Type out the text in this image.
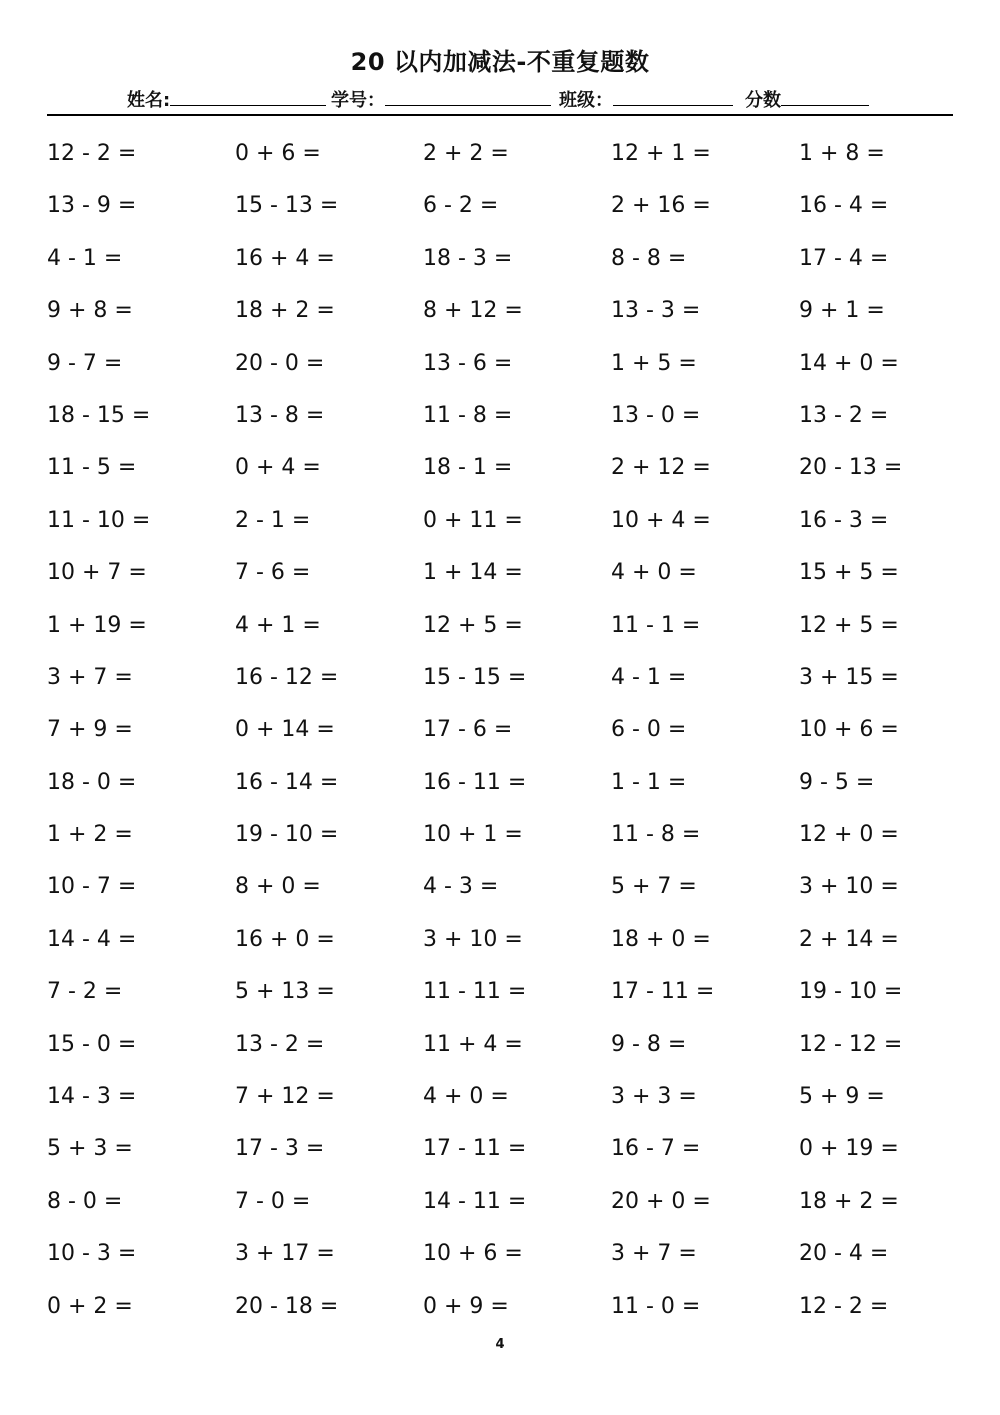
20 以内加减法-不重复题数
姓名:	学号：	班级：	分数
12 - 2 =	0 + 6 =	2 + 2 =	12 + 1 =	1 + 8 =
13 - 9 =	15 - 13 =	6 - 2 =	2 + 16 =	16 - 4 =
4 - 1 =	16 + 4 =	18 - 3 =	8 - 8 =	17 - 4 =
9 + 8 =	18 + 2 =	8 + 12 =	13 - 3 =	9 + 1 =
9 - 7 =	20 - 0 =	13 - 6 =	1 + 5 =	14 + 0 =
18 - 15 =	13 - 8 =	11 - 8 =	13 - 0 =	13 - 2 =
11 - 5 =	0 + 4 =	18 - 1 =	2 + 12 =	20 - 13 =
11 - 10 =	2 - 1 =	0 + 11 =	10 + 4 =	16 - 3 =
10 + 7 =	7 - 6 =	1 + 14 =	4 + 0 =	15 + 5 =
1 + 19 =	4 + 1 =	12 + 5 =	11 - 1 =	12 + 5 =
3 + 7 =	16 - 12 =	15 - 15 =	4 - 1 =	3 + 15 =
7 + 9 =	0 + 14 =	17 - 6 =	6 - 0 =	10 + 6 =
18 - 0 =	16 - 14 =	16 - 11 =	1 - 1 =	9 - 5 =
1 + 2 =	19 - 10 =	10 + 1 =	11 - 8 =	12 + 0 =
10 - 7 =	8 + 0 =	4 - 3 =	5 + 7 =	3 + 10 =
14 - 4 =	16 + 0 =	3 + 10 =	18 + 0 =	2 + 14 =
7 - 2 =	5 + 13 =	11 - 11 =	17 - 11 =	19 - 10 =
15 - 0 =	13 - 2 =	11 + 4 =	9 - 8 =	12 - 12 =
14 - 3 =	7 + 12 =	4 + 0 =	3 + 3 =	5 + 9 =
5 + 3 =	17 - 3 =	17 - 11 =	16 - 7 =	0 + 19 =
8 - 0 =	7 - 0 =	14 - 11 =	20 + 0 =	18 + 2 =
10 - 3 =	3 + 17 =	10 + 6 =	3 + 7 =	20 - 4 =
0 + 2 =	20 - 18 =	0 + 9 =	11 - 0 =	12 - 2 =
4
